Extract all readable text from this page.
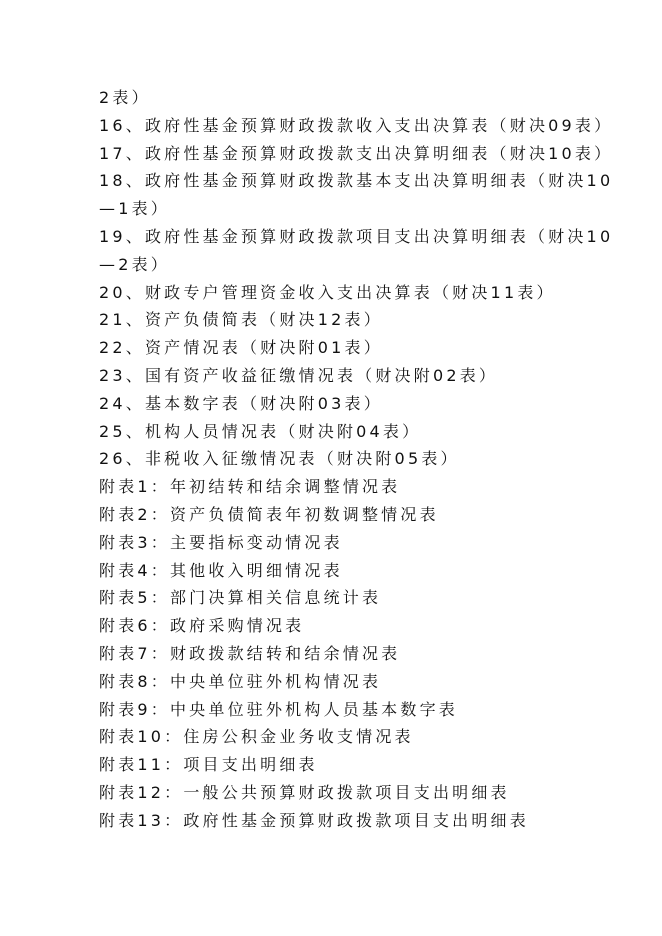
2表）
16、政府性基金预算财政拨款收入支出决算表（财决09表）
17、政府性基金预算财政拨款支出决算明细表（财决10表）
18、政府性基金预算财政拨款基本支出决算明细表（财决10
—1表）
19、政府性基金预算财政拨款项目支出决算明细表（财决10
—2表）
20、财政专户管理资金收入支出决算表（财决11表）
21、资产负债简表（财决12表）
22、资产情况表（财决附01表）
23、国有资产收益征缴情况表（财决附02表）
24、基本数字表（财决附03表）
25、机构人员情况表（财决附04表）
26、非税收入征缴情况表（财决附05表）
附表1：年初结转和结余调整情况表
附表2：资产负债简表年初数调整情况表
附表3：主要指标变动情况表
附表4：其他收入明细情况表
附表5：部门决算相关信息统计表
附表6：政府采购情况表
附表7：财政拨款结转和结余情况表
附表8：中央单位驻外机构情况表
附表9：中央单位驻外机构人员基本数字表
附表10：住房公积金业务收支情况表
附表11：项目支出明细表
附表12：一般公共预算财政拨款项目支出明细表
附表13：政府性基金预算财政拨款项目支出明细表
